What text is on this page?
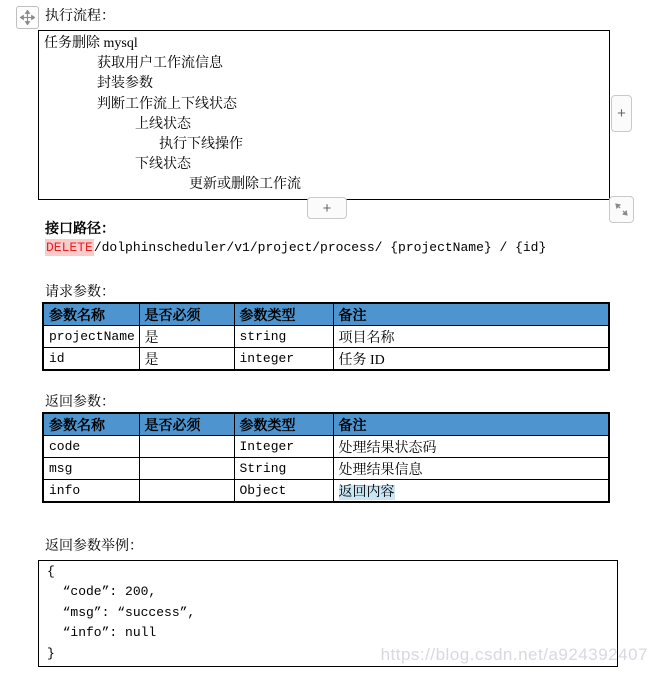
执行流程：
任务删除 mysql
获取用户工作流信息
封装参数
判断工作流上下线状态
上线状态
执行下线操作
下线状态
更新或删除工作流
+
+
接口路径：
DELETE/dolphinscheduler/v1/project/process/ {projectName} / {id}
请求参数：
参数名称	是否必须	参数类型	备注
projectName	是	string	项目名称
id	是	integer	任务 ID
返回参数：
参数名称	是否必须	参数类型	备注
code		Integer	处理结果状态码
msg		String	处理结果信息
info		Object	返回内容
返回参数举例：
{
“code”: 200,
“msg”: “success”,
“info”: null
}	https://blog.csdn.net/a924392407
